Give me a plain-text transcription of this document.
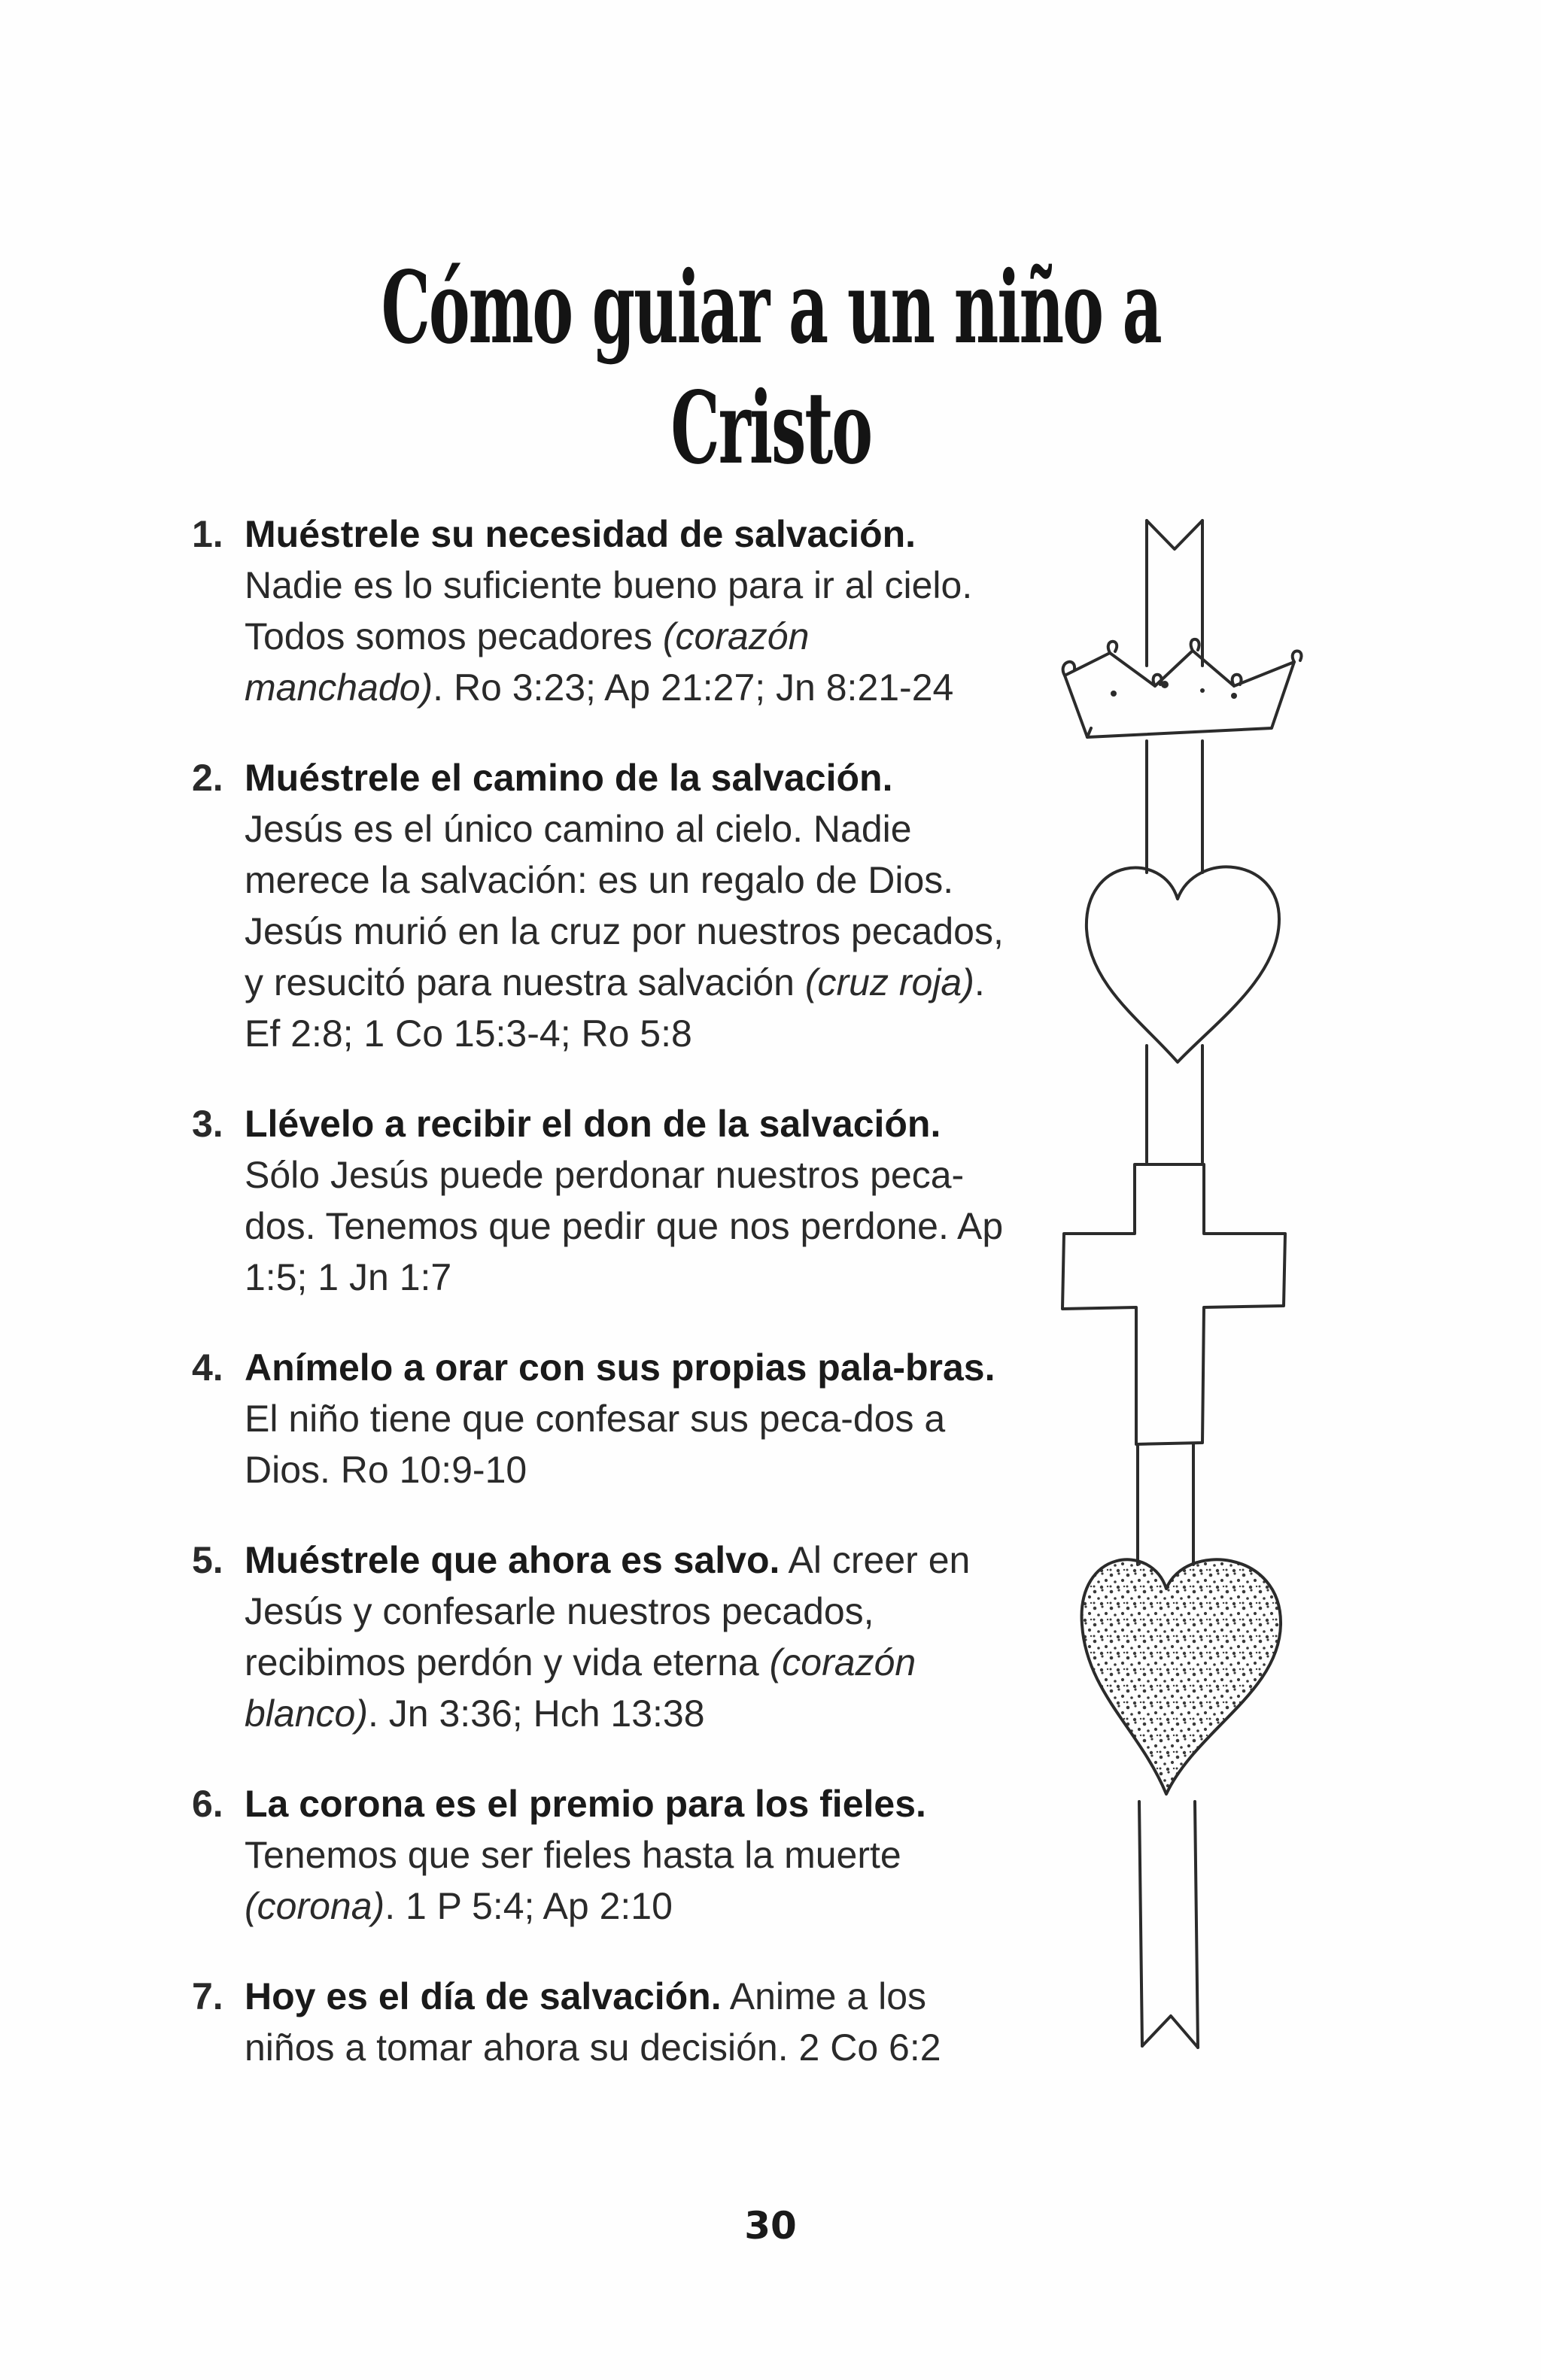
Cómo guiar a un niño a Cristo
1. Muéstrele su necesidad de salvación.
Nadie es lo suficiente bueno para ir al cielo. Todos somos pecadores (corazón manchado). Ro 3:23; Ap 21:27; Jn 8:21-24
2. Muéstrele el camino de la salvación.
Jesús es el único camino al cielo. Nadie merece la salvación: es un regalo de Dios. Jesús murió en la cruz por nuestros pecados, y resucitó para nuestra salvación (cruz roja). Ef 2:8; 1 Co 15:3-4; Ro 5:8
3. Llévelo a recibir el don de la salvación.
Sólo Jesús puede perdonar nuestros peca-dos. Tenemos que pedir que nos perdone. Ap 1:5; 1 Jn 1:7
4. Anímelo a orar con sus propias pala-bras. El niño tiene que confesar sus peca-dos a Dios. Ro 10:9-10
5. Muéstrele que ahora es salvo. Al creer en Jesús y confesarle nuestros pecados, recibimos perdón y vida eterna (corazón blanco). Jn 3:36; Hch 13:38
6. La corona es el premio para los fieles.
Tenemos que ser fieles hasta la muerte (corona). 1 P 5:4; Ap 2:10
7. Hoy es el día de salvación. Anime a los niños a tomar ahora su decisión. 2 Co 6:2
30
